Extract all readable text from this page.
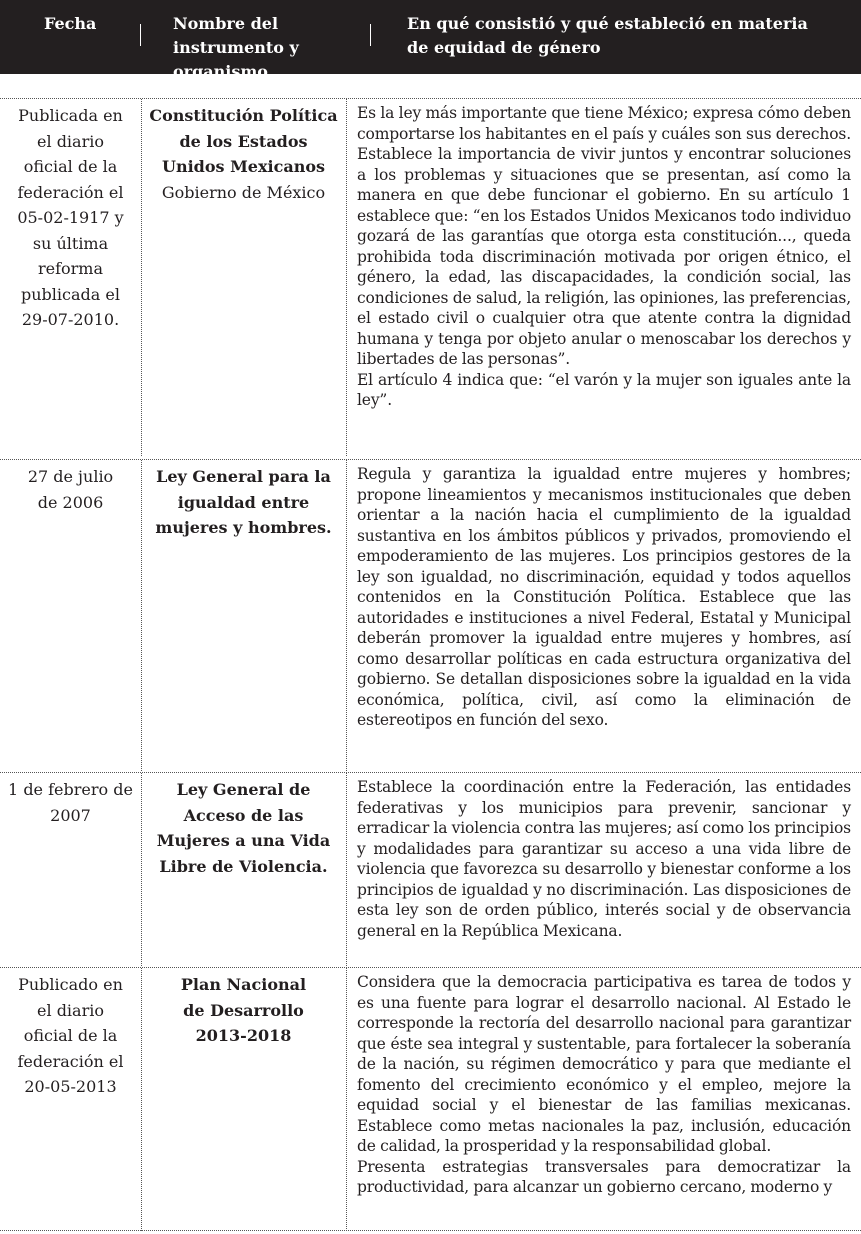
Fecha	Nombre del instrumento y organismo
En qué consistió y qué estableció en materia de equidad de género
Publicada en el diario oficial de la federación el 05-02-1917 y su última reforma publicada el 29-07-2010.
Constitución Política de los Estados Unidos Mexicanos
Gobierno de México

Es la ley más importante que tiene México; expresa cómo deben comportarse los habitantes en el país y cuáles son sus derechos. Establece la importancia de vivir juntos y encontrar soluciones a los problemas y situaciones que se presentan, así como la manera en que debe funcionar el gobierno. En su artículo 1 establece que: “en los Estados Unidos Mexicanos todo individuo gozará de las garantías que otorga esta constitución..., queda prohibida toda discriminación motivada por origen étnico, el género, la edad, las discapacidades, la condición social, las condiciones de salud, la religión, las opiniones, las preferencias, el estado civil o cualquier otra que atente contra la dignidad humana y tenga por objeto anular o menoscabar los derechos y libertades de las personas”.

El artículo 4 indica que: “el varón y la mujer son iguales ante la ley”.

27 de julio de 2006
Ley General para la igualdad entre mujeres y hombres.

Regula y garantiza la igualdad entre mujeres y hombres; propone lineamientos y mecanismos institucionales que deben orientar a la nación hacia el cumplimiento de la igualdad sustantiva en los ámbitos públicos y privados, promoviendo el empoderamiento de las mujeres. Los principios gestores de la ley son igualdad, no discriminación, equidad y todos aquellos contenidos en la Constitución Política. Establece que las autoridades e instituciones a nivel Federal, Estatal y Municipal deberán promover la igualdad entre mujeres y hombres, así como desarrollar políticas en cada estructura organizativa del gobierno. Se detallan disposiciones sobre la igualdad en la vida económica, política, civil, así como la eliminación de estereotipos en función del sexo.

1 de febrero de 2007
Ley General de Acceso de las Mujeres a una Vida Libre de Violencia.

Establece la coordinación entre la Federación, las entidades federativas y los municipios para prevenir, sancionar y erradicar la violencia contra las mujeres; así como los principios y modalidades para garantizar su acceso a una vida libre de violencia que favorezca su desarrollo y bienestar conforme a los principios de igualdad y no discriminación. Las disposiciones de esta ley son de orden público, interés social y de observancia general en la República Mexicana.

Publicado en el diario oficial de la federación el 20-05-2013
Plan Nacional de Desarrollo 2013-2018

Considera que la democracia participativa es tarea de todos y es una fuente para lograr el desarrollo nacional. Al Estado le corresponde la rectoría del desarrollo nacional para garantizar que éste sea integral y sustentable, para fortalecer la soberanía de la nación, su régimen democrático y para que mediante el fomento del crecimiento económico y el empleo, mejore la equidad social y el bienestar de las familias mexicanas. Establece como metas nacionales la paz, inclusión, educación de calidad, la prosperidad y la responsabilidad global.

Presenta estrategias transversales para democratizar la productividad, para alcanzar un gobierno cercano, moderno y
